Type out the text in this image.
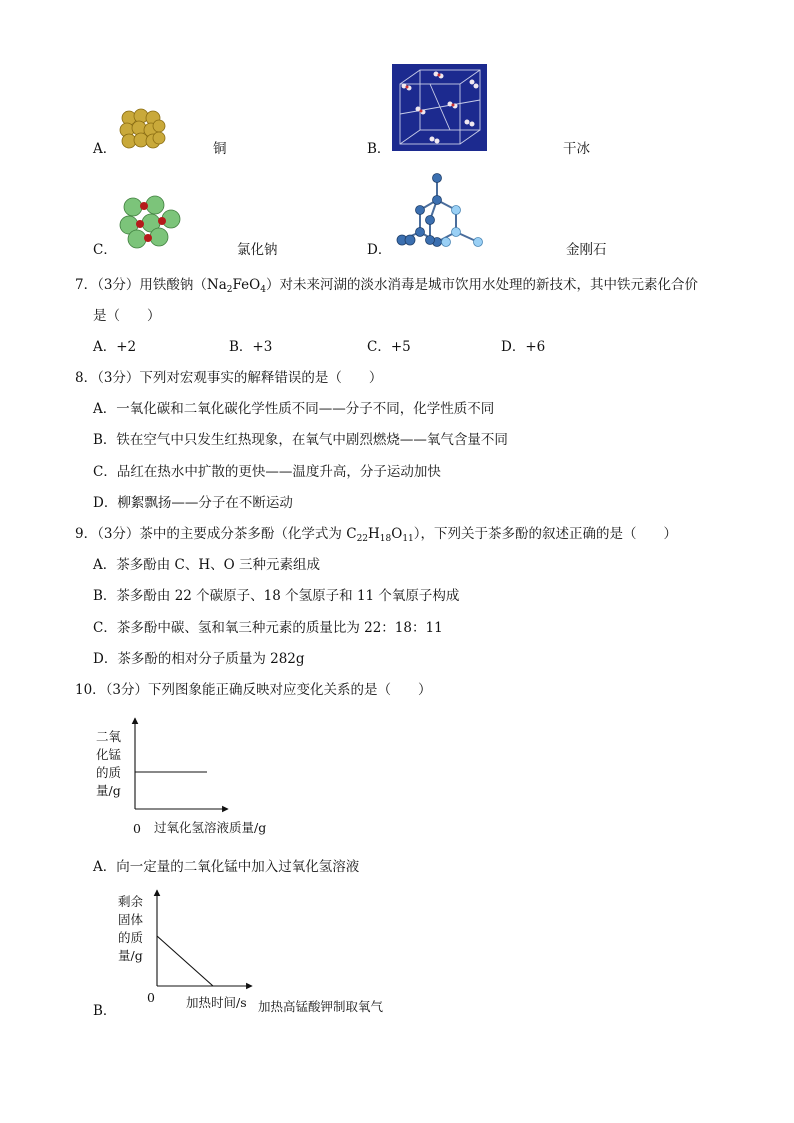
A．	铜	B．	干冰
C．	氯化钠	D．	金刚石
7．（3分）用铁酸钠$(Na_2FeO_4)$对未来河湖的淡水消毒是城市饮用水处理的新技术，其中铁元素化合价
是（　　）
A．+2	B．+3	C．+5	D．+6
8．（3分）下列对宏观事实的解释错误的是（　　）
A．一氧化碳和二氧化碳化学性质不同——分子不同，化学性质不同
B．铁在空气中只发生红热现象，在氧气中剧烈燃烧——氧气含量不同
C．品红在热水中扩散的更快——温度升高，分子运动加快
D．柳絮飘扬——分子在不断运动
9．（3分）茶中的主要成分茶多酚（化学式为 $C_{22}H_{18}O_{11}$），下列关于茶多酚的叙述正确的是（　　）
A．茶多酚由 C、H、O 三种元素组成
B．茶多酚由 22 个碳原子、18 个氢原子和 11 个氧原子构成
C．茶多酚中碳、氢和氧三种元素的质量比为 22：18：11
D．茶多酚的相对分子质量为 282g
10．（3分）下列图象能正确反映对应变化关系的是（　　）
二氧
化锰
的质
量/g
0 过氧化氢溶液质量/g
A．向一定量的二氧化锰中加入过氧化氢溶液
剩余
固体
的质
量/g
0 加热时间/s 加热高锰酸钾制取氧气
B．
